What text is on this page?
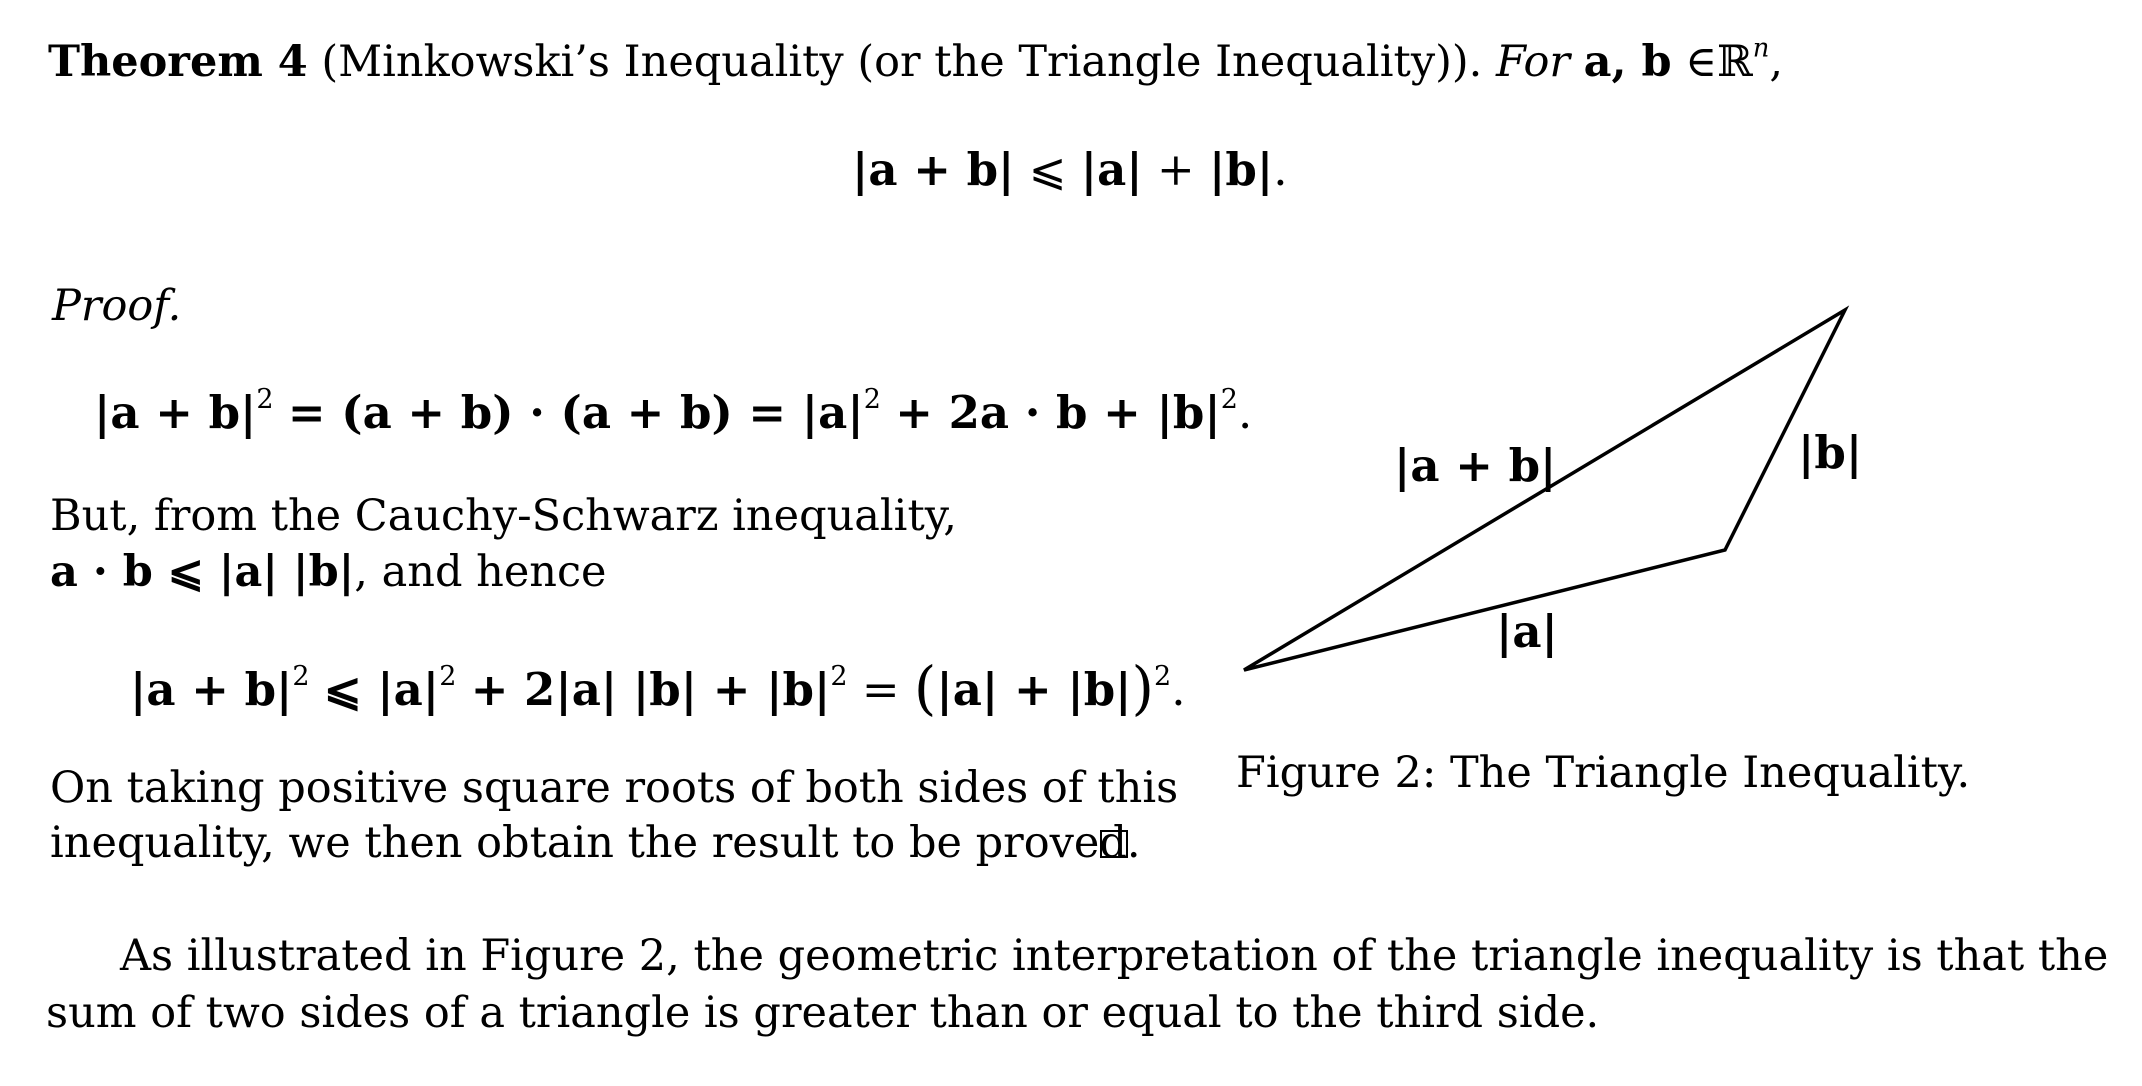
Theorem 4 (Minkowski’s Inequality (or the Triangle Inequality)). For a, b ∈ℝ$^n$,
|a + b| ⩽ |a| + |b|.
Proof.
$|a + b|^2 = (a + b) \cdot (a + b) = |a|^2 + 2a \cdot b + |b|^2$.
But, from the Cauchy-Schwarz inequality,
a · b ⩽ |a| |b|, and hence
$|a + b|^2$ ⩽ $|a|^2 + 2|a|$ $|b| + |b|^2 = (|a| + |b|)^2$.
On taking positive square roots of both sides of this
inequality, we then obtain the result to be proved.
|a + b|	|b|
|a|
Figure 2: The Triangle Inequality.
As illustrated in Figure 2, the geometric interpretation of the triangle inequality is that the
sum of two sides of a triangle is greater than or equal to the third side.
